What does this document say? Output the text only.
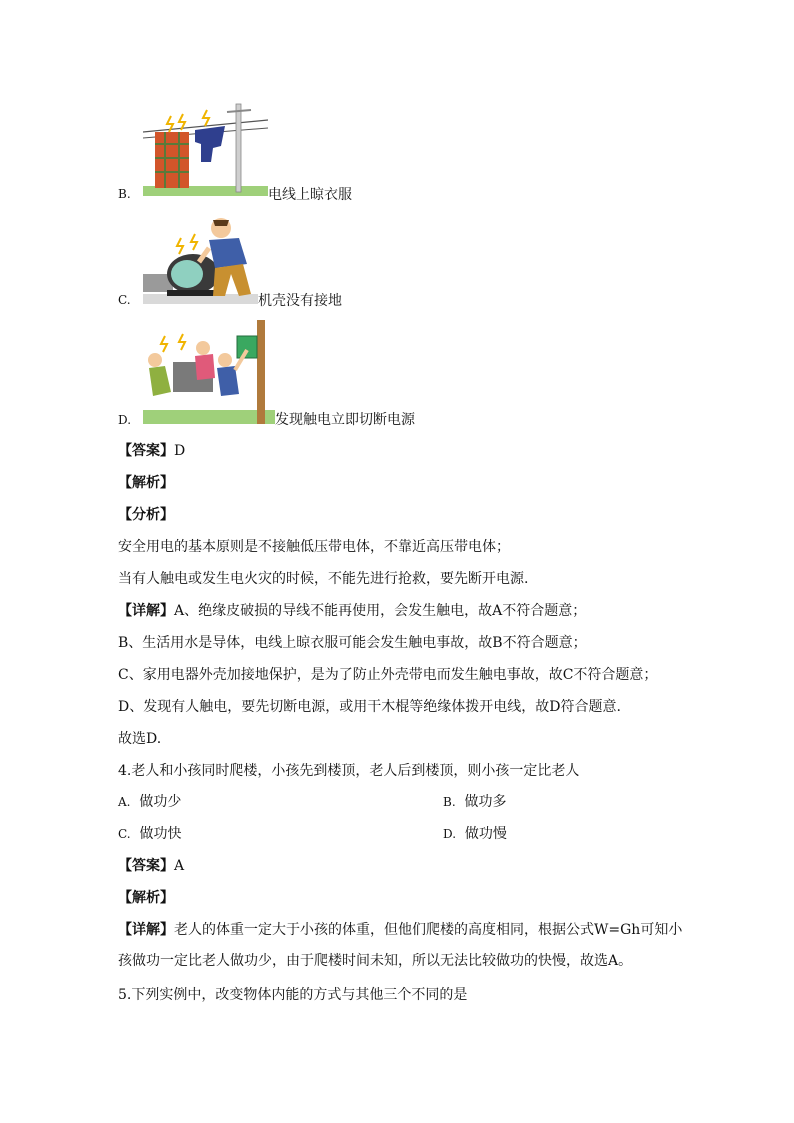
B.	电线上晾衣服
C.	机壳没有接地
D.	发现触电立即切断电源
【答案】D
【解析】
【分析】
安全用电的基本原则是不接触低压带电体，不靠近高压带电体；
当有人触电或发生电火灾的时候，不能先进行抢救，要先断开电源.
【详解】A、绝缘皮破损的导线不能再使用，会发生触电，故A不符合题意；
B、生活用水是导体，电线上晾衣服可能会发生触电事故，故B不符合题意；
C、家用电器外壳加接地保护，是为了防止外壳带电而发生触电事故，故C不符合题意；
D、发现有人触电，要先切断电源，或用干木棍等绝缘体拨开电线，故D符合题意.
故选D.
4.老人和小孩同时爬楼，小孩先到楼顶，老人后到楼顶，则小孩一定比老人
A. 做功少	B. 做功多
C. 做功快	D. 做功慢
【答案】A
【解析】
【详解】老人的体重一定大于小孩的体重，但他们爬楼的高度相同，根据公式W=Gh可知小
孩做功一定比老人做功少，由于爬楼时间未知，所以无法比较做功的快慢，故选A。
5.下列实例中，改变物体内能的方式与其他三个不同的是
